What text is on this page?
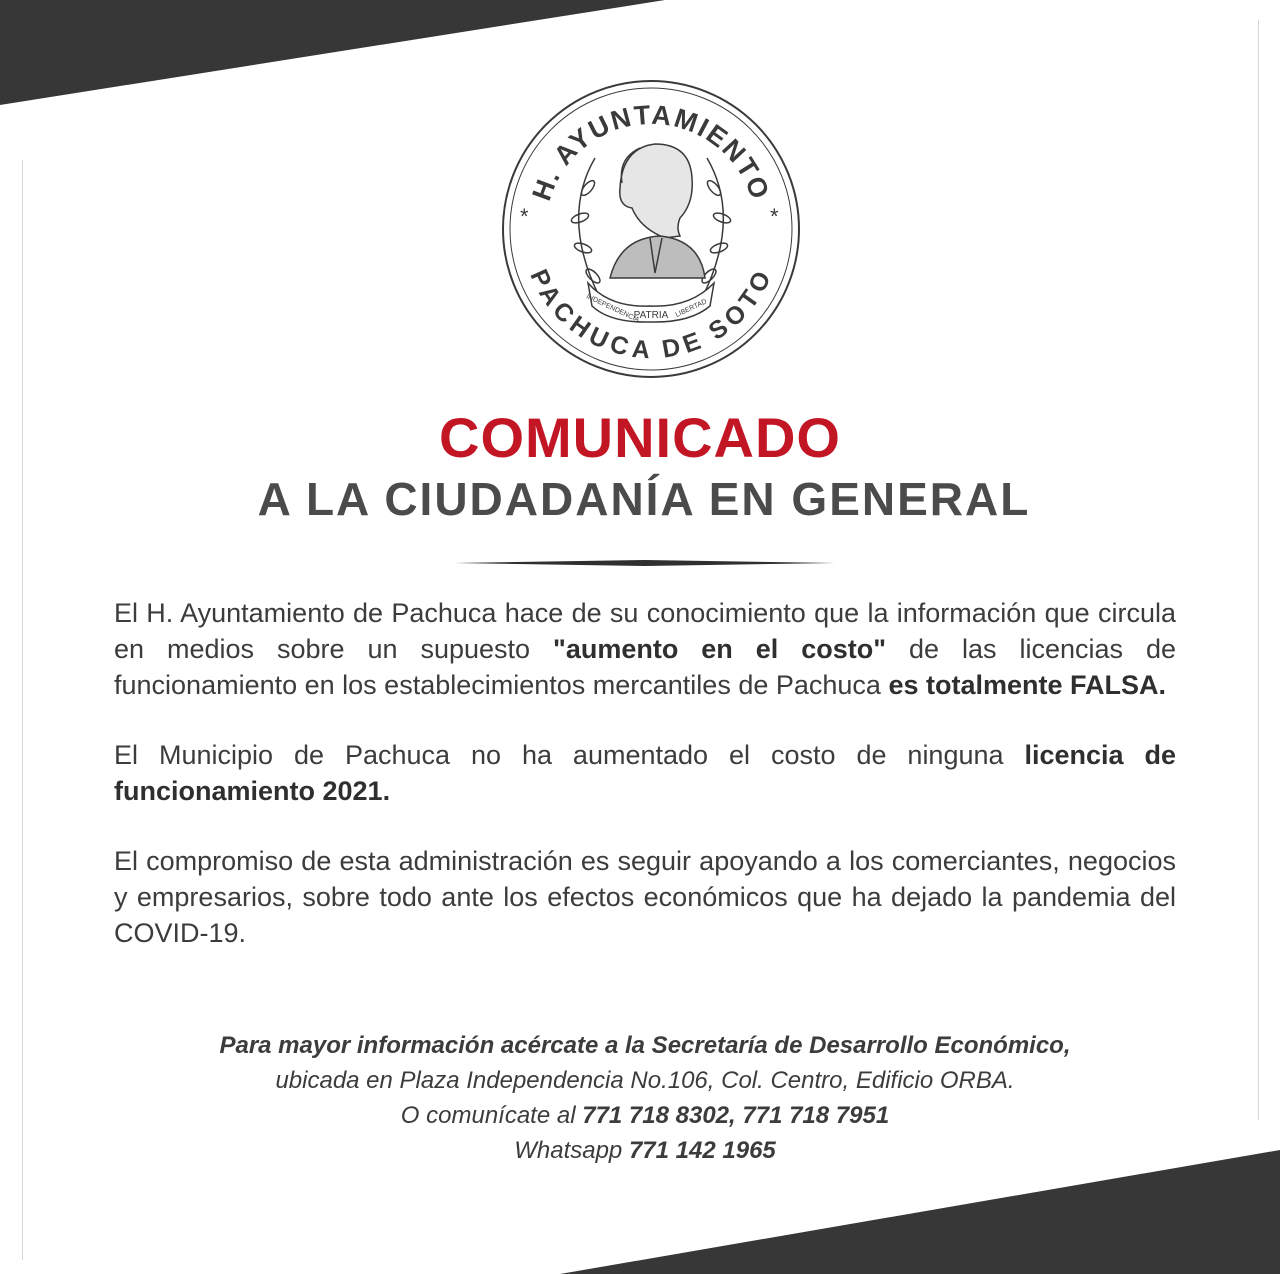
H. AYUNTAMIENTO
PACHUCA DE SOTO
*	*
PATRIA
INDEPENDENCIA	LIBERTAD
COMUNICADO
A LA CIUDADANÍA EN GENERAL

El H. Ayuntamiento de Pachuca hace de su conocimiento que la información que circula en medios sobre un supuesto "aumento en el costo" de las licencias de funcionamiento en los establecimientos mercantiles de Pachuca es totalmente FALSA.

El Municipio de Pachuca no ha aumentado el costo de ninguna licencia de funcionamiento 2021.

El compromiso de esta administración es seguir apoyando a los comerciantes, negocios y empresarios, sobre todo ante los efectos económicos que ha dejado la pandemia del COVID-19.

Para mayor información acércate a la Secretaría de Desarrollo Económico,
ubicada en Plaza Independencia No.106, Col. Centro, Edificio ORBA.
O comunícate al 771 718 8302, 771 718 7951
Whatsapp 771 142 1965
